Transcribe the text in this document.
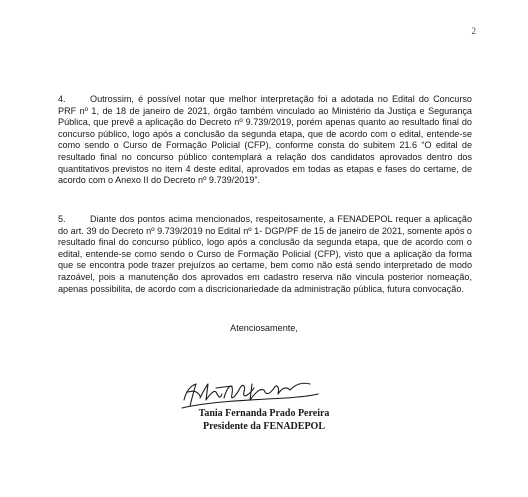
2
4.	Outrossim, é possível notar que melhor interpretação foi a adotada no Edital do Concurso PRF nº 1, de 18 de janeiro de 2021, órgão também vinculado ao Ministério da Justiça e Segurança Pública, que prevê a aplicação do Decreto nº 9.739/2019, porém apenas quanto ao resultado final do concurso público, logo após a conclusão da segunda etapa, que de acordo com o edital, entende-se como sendo o Curso de Formação Policial (CFP), conforme consta do subitem 21.6 “O edital de resultado final no concurso público contemplará a relação dos candidatos aprovados dentro dos quantitativos previstos no item 4 deste edital, aprovados em todas as etapas e fases do certame, de acordo com o Anexo II do Decreto nº 9.739/2019”.
5.	Diante dos pontos acima mencionados, respeitosamente, a FENADEPOL requer a aplicação do art. 39 do Decreto nº 9.739/2019 no Edital nº 1- DGP/PF de 15 de janeiro de 2021, somente após o resultado final do concurso público, logo após a conclusão da segunda etapa, que de acordo com o edital, entende-se como sendo o Curso de Formação Policial (CFP), visto que a aplicação da forma que se encontra pode trazer prejuízos ao certame, bem como não está sendo interpretado de modo razoável, pois a manutenção dos aprovados em cadastro reserva não vincula posterior nomeação, apenas possibilita, de acordo com a discricionariedade da administração pública, futura convocação.
Atenciosamente,
Tania Fernanda Prado Pereira
Presidente da FENADEPOL
